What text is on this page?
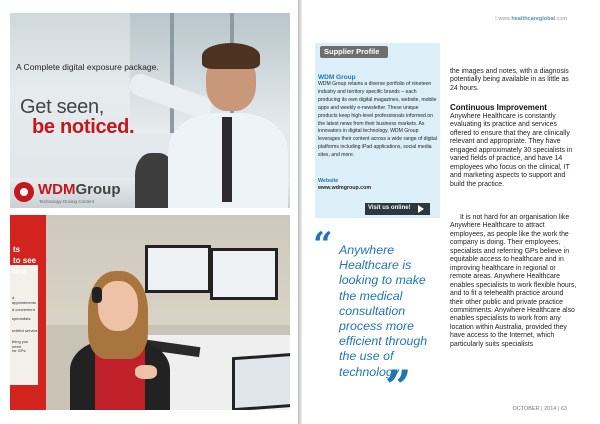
A Complete digital exposure package.
Get seen,
be noticed.
WDMGroup
Technology Driving Content
ts
to see
line
d appointments
d convenient
specialists
unified service
thing you need
for GPs
| www.healthcareglobal.com
Supplier Profile
WDM Group
WDM Group retains a diverse portfolio of nineteen industry and territory specific brands – each producing its own digital magazines, website, mobile apps and weekly e-newsletter. These unique products keep high-level professionals informed on the latest news from their business markets. As innovators in digital technology, WDM Group leverages their content across a wide range of digital platforms including iPad applications, social media sites, and more.
Website
www.wdmgroup.com
Visit us online!
“ Anywhere Healthcare is looking to make the medical consultation process more efficient through the use of technology
”
the images and notes, with a diagnosis potentially being available in as little as 24 hours.
Continuous Improvement
Anywhere Healthcare is constantly evaluating its practice and services offered to ensure that they are clinically relevant and appropriate. They have engaged approximately 30 specialists in varied fields of practice, and have 14 employees who focus on the clinical, IT and marketing aspects to support and build the practice.
It is not hard for an organisation like Anywhere Healthcare to attract employees, as people like the work the company is doing. Their employees, specialists and referring GPs believe in equitable access to healthcare and in improving healthcare in regional or remote areas. Anywhere Healthcare enables specialists to work flexible hours, and to fit a telehealth practice around their other public and private practice commitments. Anywhere Healthcare also enables specialists to work from any location within Australia, provided they have access to the Internet, which particularly suits specialists
OCTOBER | 2014 | 63
